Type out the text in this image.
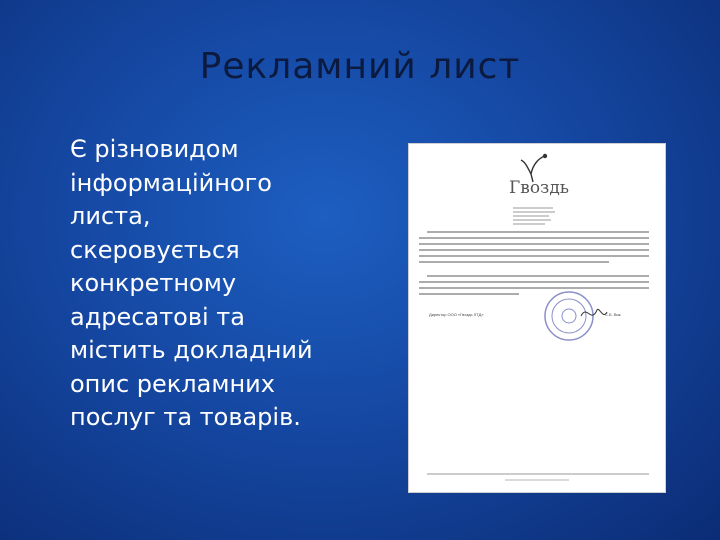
Рекламний лист

Є різновидом
інформаційного
листа,
скеровується
конкретному
адресатові та
містить докладний
опис рекламних
послуг та товарів.

Гвоздь
Директор ООО «Гвоздь ЛТД»	С.Б. Вик
